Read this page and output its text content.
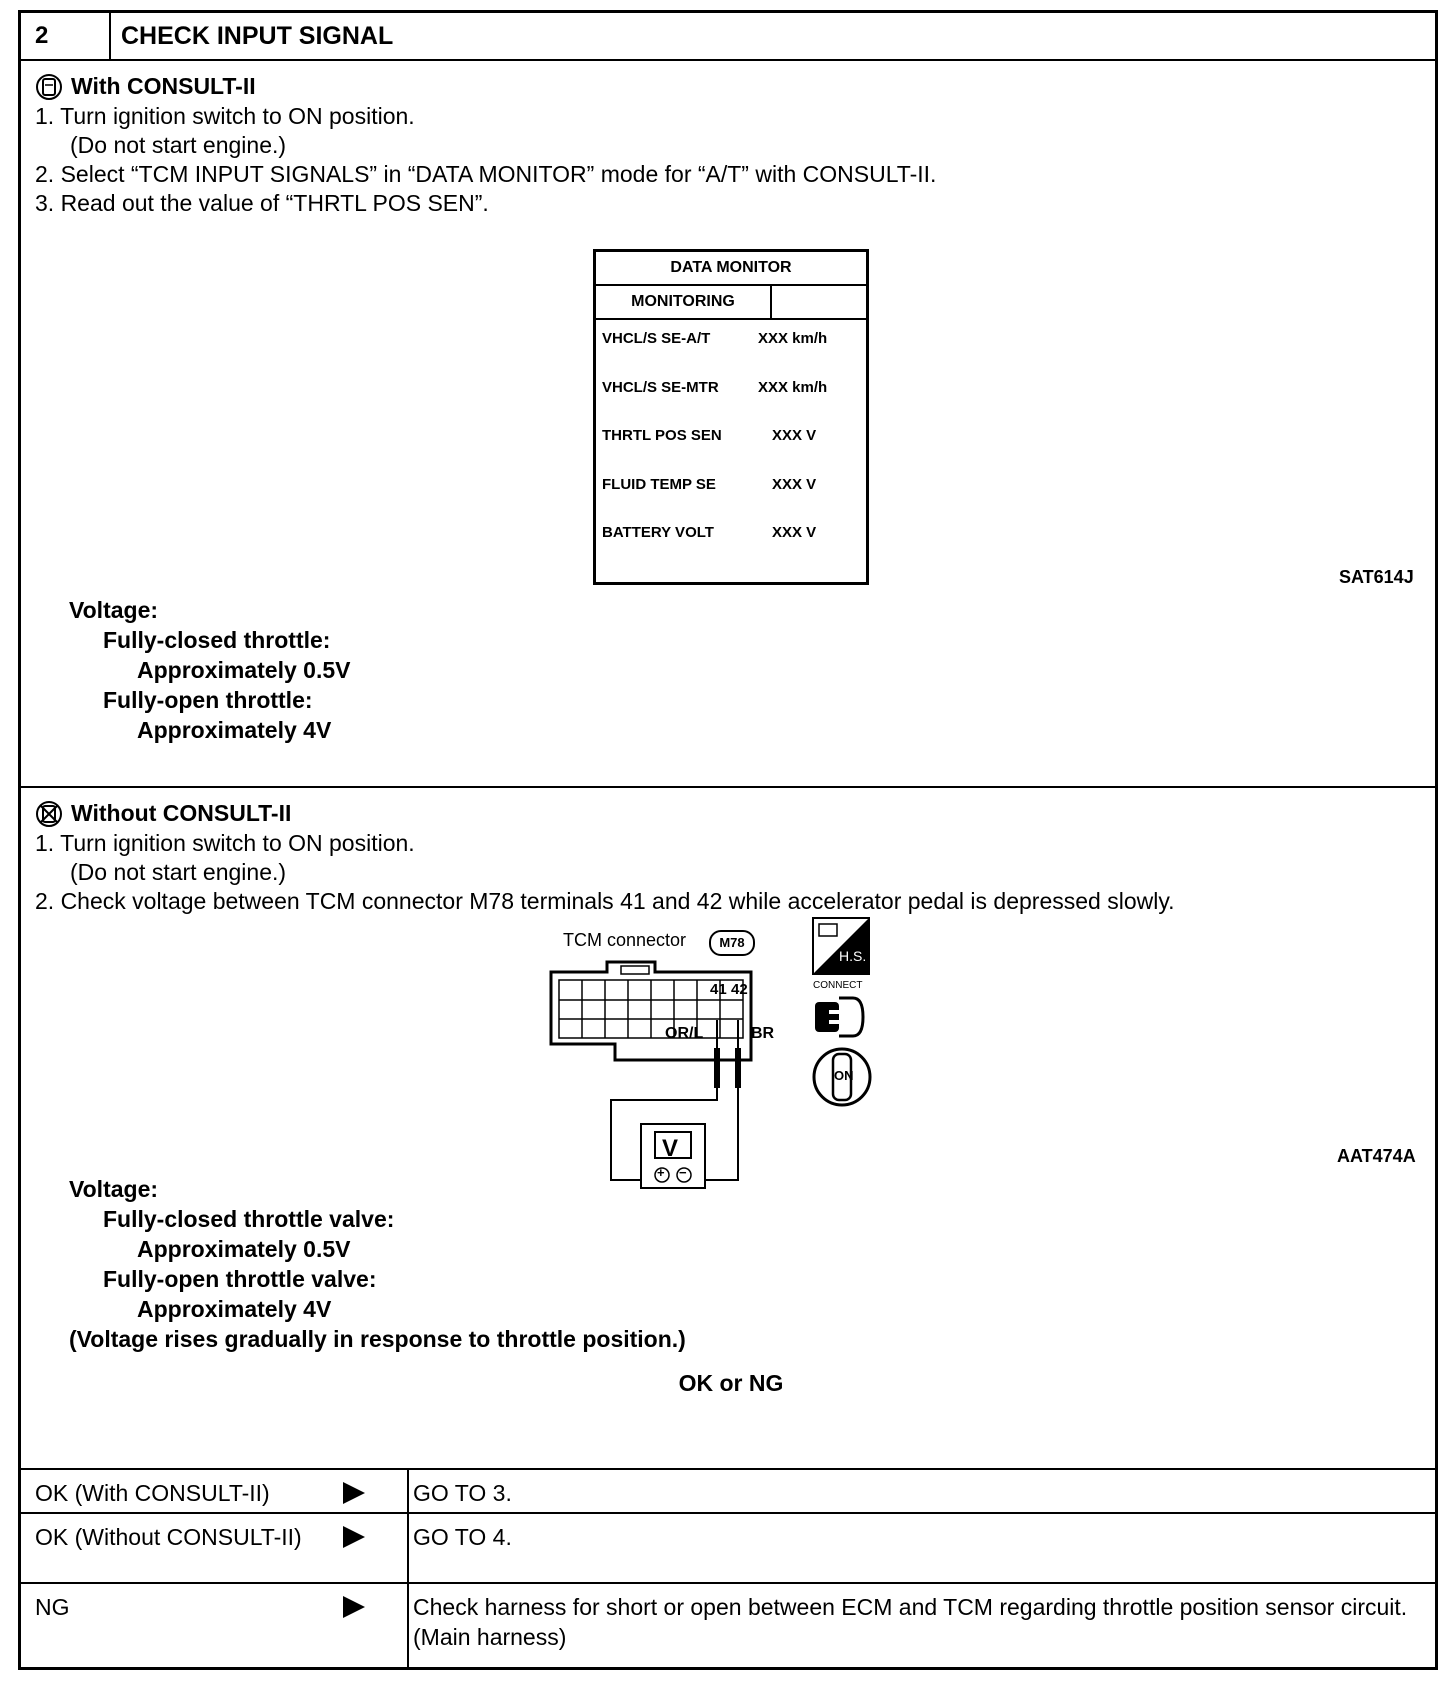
2	CHECK INPUT SIGNAL
With CONSULT-II
1. Turn ignition switch to ON position.
(Do not start engine.)
2. Select “TCM INPUT SIGNALS” in “DATA MONITOR” mode for “A/T” with CONSULT-II.
3. Read out the value of “THRTL POS SEN”.
DATA MONITOR
MONITORING
VHCL/S SE-A/T	XXX km/h
VHCL/S SE-MTR	XXX km/h
THRTL POS SEN	XXX V
FLUID TEMP SE	XXX V
BATTERY VOLT	XXX V
SAT614J
Voltage:
Fully-closed throttle:
Approximately 0.5V
Fully-open throttle:
Approximately 4V
Without CONSULT-II
1. Turn ignition switch to ON position.
(Do not start engine.)
2. Check voltage between TCM connector M78 terminals 41 and 42 while accelerator pedal is depressed slowly.
TCM connector	M78
41 42
OR/L	BR
V
+ −
H.S.
CONNECT
ON
AAT474A
Voltage:
Fully-closed throttle valve:
Approximately 0.5V
Fully-open throttle valve:
Approximately 4V
(Voltage rises gradually in response to throttle position.)
OK or NG
OK (With CONSULT-II)	GO TO 3.
OK (Without CONSULT-II)	GO TO 4.
NG	Check harness for short or open between ECM and TCM regarding throttle position sensor circuit. (Main harness)
